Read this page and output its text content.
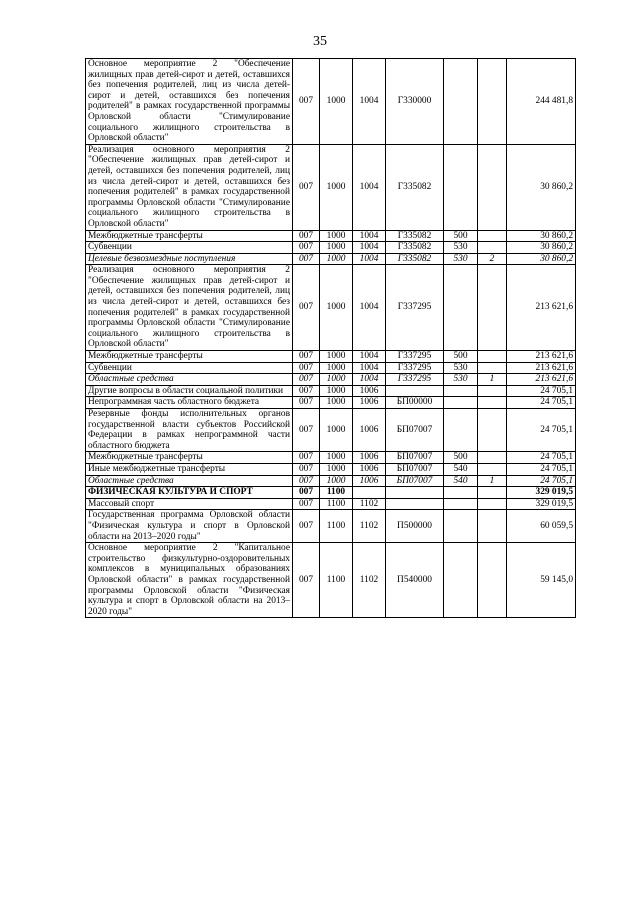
35
Основное мероприятие 2 "Обеспечение жилищных прав детей-сирот и детей, оставшихся без попечения родителей, лиц из числа детей-сирот и детей, оставшихся без попечения родителей" в рамках государственной программы Орловской области "Стимулирование социального жилищного строительства в Орловской области"	007	1000	1004	Г330000			244 481,8
Реализация основного мероприятия 2 "Обеспечение жилищных прав детей-сирот и детей, оставшихся без попечения родителей, лиц из числа детей-сирот и детей, оставшихся без попечения родителей" в рамках государственной программы Орловской области "Стимулирование социального жилищного строительства в Орловской области"	007	1000	1004	Г335082			30 860,2
Межбюджетные трансферты	007	1000	1004	Г335082	500		30 860,2
Субвенции	007	1000	1004	Г335082	530		30 860,2
Целевые безвозмездные поступления	007	1000	1004	Г335082	530	2	30 860,2
Реализация основного мероприятия 2 "Обеспечение жилищных прав детей-сирот и детей, оставшихся без попечения родителей, лиц из числа детей-сирот и детей, оставшихся без попечения родителей" в рамках государственной программы Орловской области "Стимулирование социального жилищного строительства в Орловской области"	007	1000	1004	Г337295			213 621,6
Межбюджетные трансферты	007	1000	1004	Г337295	500		213 621,6
Субвенции	007	1000	1004	Г337295	530		213 621,6
Областные средства	007	1000	1004	Г337295	530	1	213 621,6
Другие вопросы в области социальной политики	007	1000	1006				24 705,1
Непрограммная часть областного бюджета	007	1000	1006	БП00000			24 705,1
Резервные фонды исполнительных органов государственной власти субъектов Российской Федерации в рамках непрограммной части областного бюджета	007	1000	1006	БП07007			24 705,1
Межбюджетные трансферты	007	1000	1006	БП07007	500		24 705,1
Иные межбюджетные трансферты	007	1000	1006	БП07007	540		24 705,1
Областные средства	007	1000	1006	БП07007	540	1	24 705,1
ФИЗИЧЕСКАЯ КУЛЬТУРА И СПОРТ	007	1100					329 019,5
Массовый спорт	007	1100	1102				329 019,5
Государственная программа Орловской области "Физическая культура и спорт в Орловской области на 2013–2020 годы"	007	1100	1102	П500000			60 059,5
Основное мероприятие 2 "Капитальное строительство физкультурно-оздоровительных комплексов в муниципальных образованиях Орловской области" в рамках государственной программы Орловской области "Физическая культура и спорт в Орловской области на 2013–2020 годы"	007	1100	1102	П540000			59 145,0
